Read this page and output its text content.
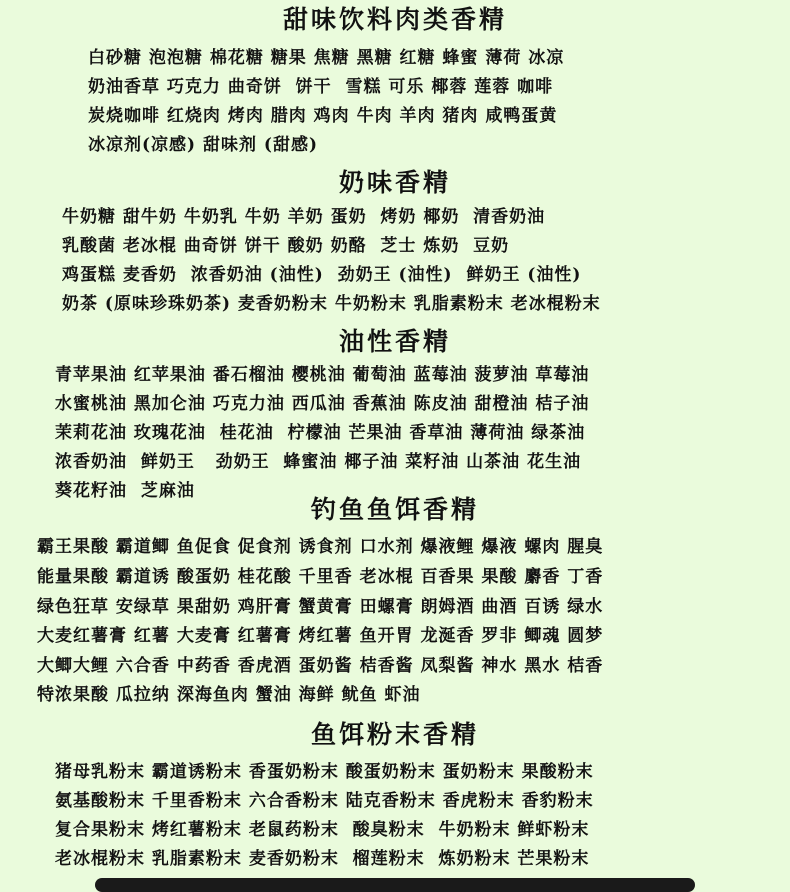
甜味饮料肉类香精
白砂糖 泡泡糖 棉花糖 糖果 焦糖 黑糖 红糖 蜂蜜 薄荷 冰凉
奶油香草 巧克力 曲奇饼  饼干  雪糕 可乐 椰蓉 莲蓉 咖啡
炭烧咖啡 红烧肉 烤肉 腊肉 鸡肉 牛肉 羊肉 猪肉 咸鸭蛋黄
冰凉剂(凉感) 甜味剂 (甜感)
奶味香精
牛奶糖 甜牛奶 牛奶乳 牛奶 羊奶 蛋奶  烤奶 椰奶  清香奶油
乳酸菌 老冰棍 曲奇饼 饼干 酸奶 奶酪  芝士 炼奶  豆奶
鸡蛋糕 麦香奶  浓香奶油 (油性)  劲奶王 (油性)  鲜奶王 (油性)
奶茶 (原味珍珠奶茶) 麦香奶粉末 牛奶粉末 乳脂素粉末 老冰棍粉末
油性香精
青苹果油 红苹果油 番石榴油 樱桃油 葡萄油 蓝莓油 菠萝油 草莓油
水蜜桃油 黑加仑油 巧克力油 西瓜油 香蕉油 陈皮油 甜橙油 桔子油
茉莉花油 玫瑰花油  桂花油  柠檬油 芒果油 香草油 薄荷油 绿茶油
浓香奶油  鲜奶王   劲奶王  蜂蜜油 椰子油 菜籽油 山茶油 花生油
葵花籽油  芝麻油
钓鱼鱼饵香精
霸王果酸 霸道鲫 鱼促食 促食剂 诱食剂 口水剂 爆液鲤 爆液 螺肉 腥臭
能量果酸 霸道诱 酸蛋奶 桂花酸 千里香 老冰棍 百香果 果酸 麝香 丁香
绿色狂草 安绿草 果甜奶 鸡肝膏 蟹黄膏 田螺膏 朗姆酒 曲酒 百诱 绿水
大麦红薯膏 红薯 大麦膏 红薯膏 烤红薯 鱼开胃 龙涎香 罗非 鲫魂 圆梦
大鲫大鲤 六合香 中药香 香虎酒 蛋奶酱 桔香酱 凤梨酱 神水 黑水 桔香
特浓果酸 瓜拉纳 深海鱼肉 蟹油 海鲜 鱿鱼 虾油
鱼饵粉末香精
猪母乳粉末 霸道诱粉末 香蛋奶粉末 酸蛋奶粉末 蛋奶粉末 果酸粉末
氨基酸粉末 千里香粉末 六合香粉末 陆克香粉末 香虎粉末 香豹粉末
复合果粉末 烤红薯粉末 老鼠药粉末  酸臭粉末  牛奶粉末 鲜虾粉末
老冰棍粉末 乳脂素粉末 麦香奶粉末  榴莲粉末  炼奶粉末 芒果粉末
